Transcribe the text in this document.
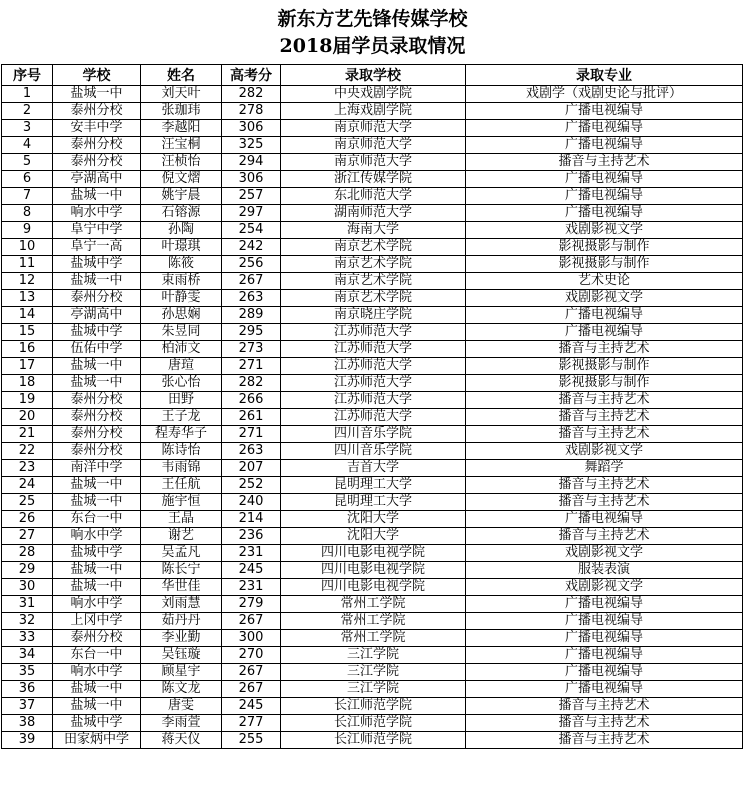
新东方艺先锋传媒学校
2018届学员录取情况
序号	学校	姓名	高考分	录取学校	录取专业
1	盐城一中	刘天叶	282	中央戏剧学院	戏剧学（戏剧史论与批评）
2	泰州分校	张珈玮	278	上海戏剧学院	广播电视编导
3	安丰中学	李越阳	306	南京师范大学	广播电视编导
4	泰州分校	汪宝桐	325	南京师范大学	广播电视编导
5	泰州分校	汪桢怡	294	南京师范大学	播音与主持艺术
6	亭湖高中	倪文熠	306	浙江传媒学院	广播电视编导
7	盐城一中	姚宇晨	257	东北师范大学	广播电视编导
8	响水中学	石镕源	297	湖南师范大学	广播电视编导
9	阜宁中学	孙陶	254	海南大学	戏剧影视文学
10	阜宁一高	叶璟琪	242	南京艺术学院	影视摄影与制作
11	盐城中学	陈筱	256	南京艺术学院	影视摄影与制作
12	盐城一中	束雨桥	267	南京艺术学院	艺术史论
13	泰州分校	叶静雯	263	南京艺术学院	戏剧影视文学
14	亭湖高中	孙思娴	289	南京晓庄学院	广播电视编导
15	盐城中学	朱昱同	295	江苏师范大学	广播电视编导
16	伍佑中学	柏沛文	273	江苏师范大学	播音与主持艺术
17	盐城一中	唐瑄	271	江苏师范大学	影视摄影与制作
18	盐城一中	张心怡	282	江苏师范大学	影视摄影与制作
19	泰州分校	田野	266	江苏师范大学	播音与主持艺术
20	泰州分校	王子龙	261	江苏师范大学	播音与主持艺术
21	泰州分校	程寿华子	271	四川音乐学院	播音与主持艺术
22	泰州分校	陈诗怡	263	四川音乐学院	戏剧影视文学
23	南洋中学	韦雨锦	207	吉首大学	舞蹈学
24	盐城一中	王任航	252	昆明理工大学	播音与主持艺术
25	盐城一中	施宇恒	240	昆明理工大学	播音与主持艺术
26	东台一中	王晶	214	沈阳大学	广播电视编导
27	响水中学	谢艺	236	沈阳大学	播音与主持艺术
28	盐城中学	吴孟凡	231	四川电影电视学院	戏剧影视文学
29	盐城一中	陈长宁	245	四川电影电视学院	服装表演
30	盐城一中	华世佳	231	四川电影电视学院	戏剧影视文学
31	响水中学	刘雨慧	279	常州工学院	广播电视编导
32	上冈中学	茹丹丹	267	常州工学院	广播电视编导
33	泰州分校	李业勤	300	常州工学院	广播电视编导
34	东台一中	吴钰璇	270	三江学院	广播电视编导
35	响水中学	顾星宇	267	三江学院	广播电视编导
36	盐城一中	陈文龙	267	三江学院	广播电视编导
37	盐城一中	唐雯	245	长江师范学院	播音与主持艺术
38	盐城中学	李雨萱	277	长江师范学院	播音与主持艺术
39	田家炳中学	蒋天仪	255	长江师范学院	播音与主持艺术
